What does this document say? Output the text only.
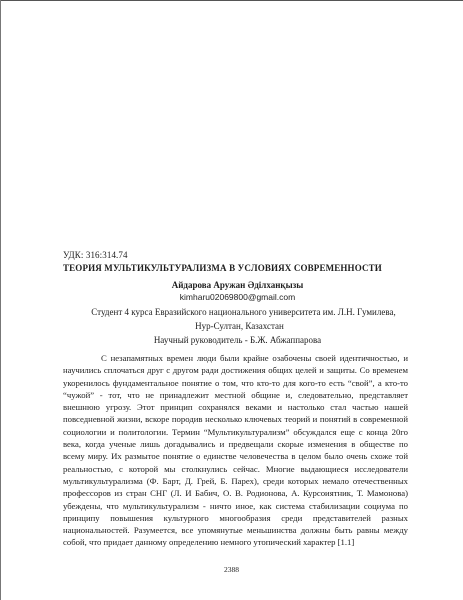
УДК: 316:314.74
ТЕОРИЯ МУЛЬТИКУЛЬТУРАЛИЗМА В УСЛОВИЯХ СОВРЕМЕННОСТИ
Айдарова Аружан Әділханқызы
kimharu02069800@gmail.com
Студент 4 курса Евразийского национального университета им. Л.Н. Гумилева,
Нур-Султан, Казахстан
Научный руководитель - Б.Ж. Абжаппарова
С незапамятных времен люди были крайне озабочены своей идентичностью, и научились сплочаться друг с другом ради достижения общих целей и защиты. Со временем укоренилось фундаментальное понятие о том, что кто-то для кого-то есть “свой”, а кто-то “чужой” - тот, что не принадлежит местной общине и, следовательно, представляет внешнюю угрозу. Этот принцип сохранялся веками и настолько стал частью нашей повседневной жизни, вскоре породив несколько ключевых теорий и понятий в современной социологии и политологии. Термин “Мультикультурализм” обсуждался еще с конца 20го века, когда ученые лишь догадывались и предвещали скорые изменения в обществе по всему миру. Их размытое понятие о единстве человечества в целом было очень схоже той реальностью, с которой мы столкнулись сейчас. Многие выдающиеся исследователи мультикультурализма (Ф. Барт, Д. Грей, Б. Парех), среди которых немало отечественных профессоров из стран СНГ (Л. И Бабич, О. В. Родионова, А. Курсоиятник, Т. Мамонова) убеждены, что мультикультурализм - ничто иное, как система стабилизации социума по принципу повышения культурного многообразия среди представителей разных национальностей. Разумеется, все упомянутые меньшинства должны быть равны между собой, что придает данному определению немного утопический характер [1.1]
2388
